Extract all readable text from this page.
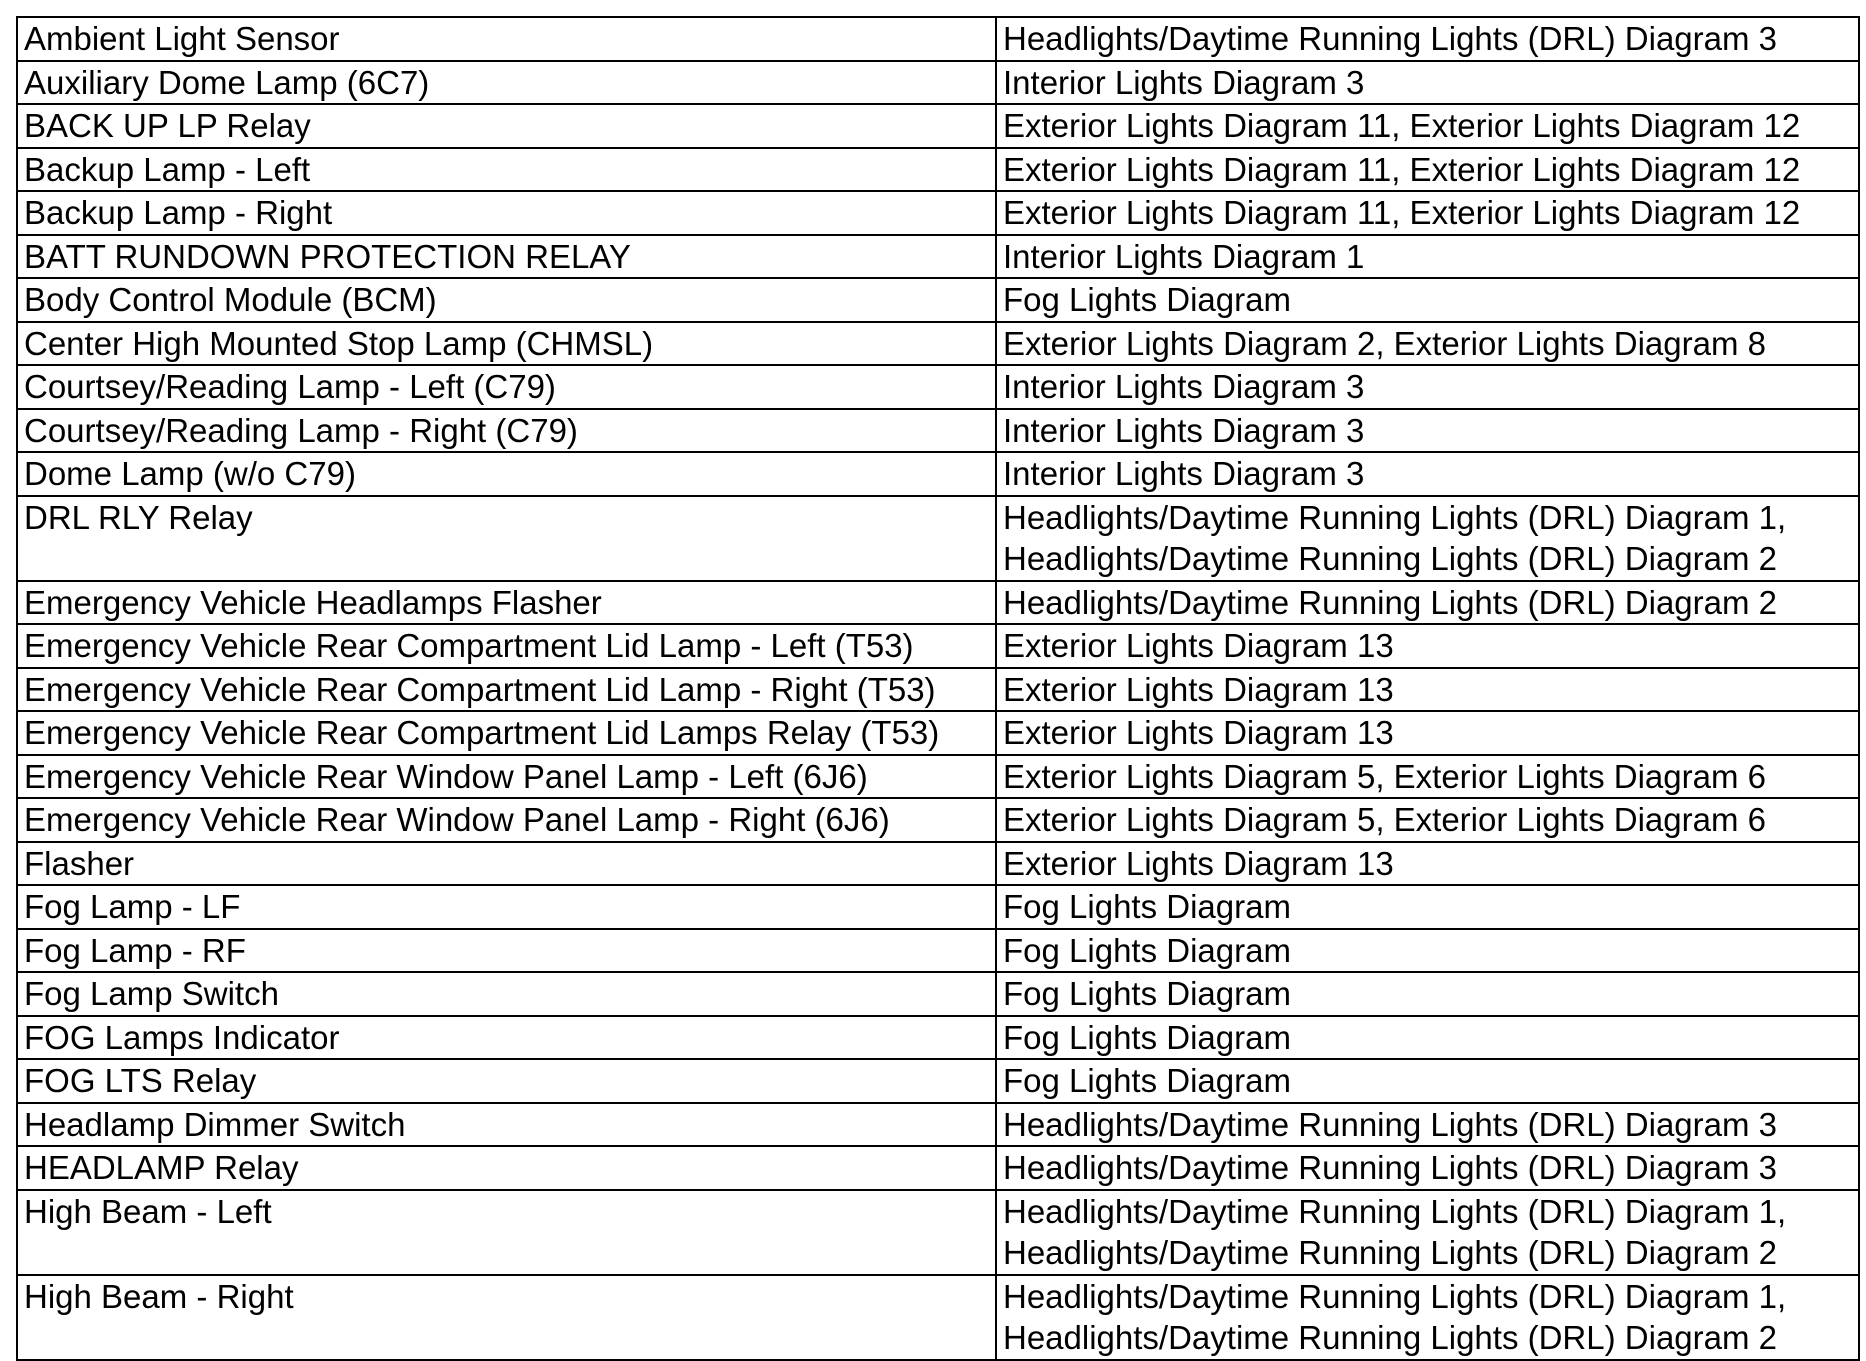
Ambient Light Sensor	Headlights/Daytime Running Lights (DRL) Diagram 3

Auxiliary Dome Lamp (6C7)	Interior Lights Diagram 3

BACK UP LP Relay	Exterior Lights Diagram 11, Exterior Lights Diagram 12

Backup Lamp - Left	Exterior Lights Diagram 11, Exterior Lights Diagram 12

Backup Lamp - Right	Exterior Lights Diagram 11, Exterior Lights Diagram 12

BATT RUNDOWN PROTECTION RELAY	Interior Lights Diagram 1

Body Control Module (BCM)	Fog Lights Diagram

Center High Mounted Stop Lamp (CHMSL)	Exterior Lights Diagram 2, Exterior Lights Diagram 8

Courtsey/Reading Lamp - Left (C79)	Interior Lights Diagram 3

Courtsey/Reading Lamp - Right (C79)	Interior Lights Diagram 3

Dome Lamp (w/o C79)	Interior Lights Diagram 3

DRL RLY Relay	Headlights/Daytime Running Lights (DRL) Diagram 1,
Headlights/Daytime Running Lights (DRL) Diagram 2

Emergency Vehicle Headlamps Flasher	Headlights/Daytime Running Lights (DRL) Diagram 2

Emergency Vehicle Rear Compartment Lid Lamp - Left (T53)	Exterior Lights Diagram 13

Emergency Vehicle Rear Compartment Lid Lamp - Right (T53)	Exterior Lights Diagram 13

Emergency Vehicle Rear Compartment Lid Lamps Relay (T53)	Exterior Lights Diagram 13

Emergency Vehicle Rear Window Panel Lamp - Left (6J6)	Exterior Lights Diagram 5, Exterior Lights Diagram 6

Emergency Vehicle Rear Window Panel Lamp - Right (6J6)	Exterior Lights Diagram 5, Exterior Lights Diagram 6

Flasher	Exterior Lights Diagram 13

Fog Lamp - LF	Fog Lights Diagram

Fog Lamp - RF	Fog Lights Diagram

Fog Lamp Switch	Fog Lights Diagram

FOG Lamps Indicator	Fog Lights Diagram

FOG LTS Relay	Fog Lights Diagram

Headlamp Dimmer Switch	Headlights/Daytime Running Lights (DRL) Diagram 3

HEADLAMP Relay	Headlights/Daytime Running Lights (DRL) Diagram 3

High Beam - Left	Headlights/Daytime Running Lights (DRL) Diagram 1,
Headlights/Daytime Running Lights (DRL) Diagram 2

High Beam - Right	Headlights/Daytime Running Lights (DRL) Diagram 1,
Headlights/Daytime Running Lights (DRL) Diagram 2
